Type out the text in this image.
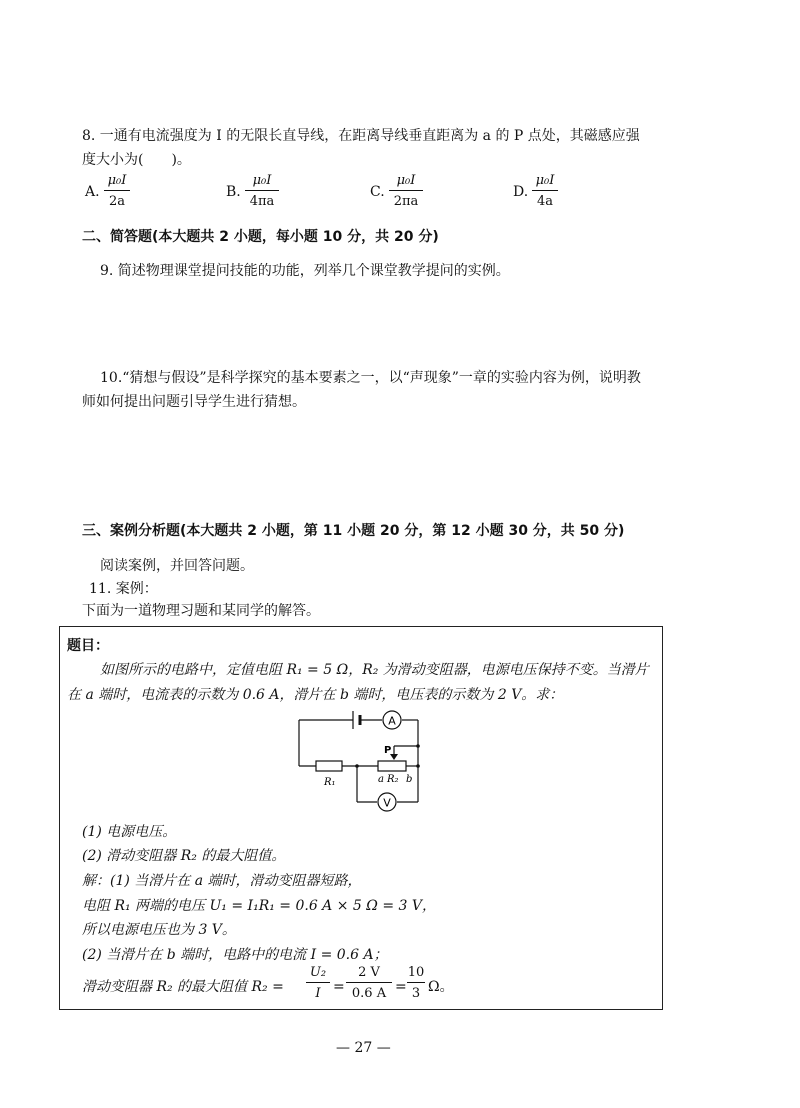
8. 一通有电流强度为 I 的无限长直导线，在距离导线垂直距离为 a 的 P 点处，其磁感应强
度大小为(　　)。
A.
μ₀I
2a
B.
μ₀I
4πa
C.
μ₀I
2πa
D.
μ₀I
4a
二、简答题(本大题共 2 小题，每小题 10 分，共 20 分)
9. 简述物理课堂提问技能的功能，列举几个课堂教学提问的实例。
10.“猜想与假设”是科学探究的基本要素之一，以“声现象”一章的实验内容为例，说明教
师如何提出问题引导学生进行猜想。
三、案例分析题(本大题共 2 小题，第 11 小题 20 分，第 12 小题 30 分，共 50 分)
阅读案例，并回答问题。
11. 案例：
下面为一道物理习题和某同学的解答。
题目：
如图所示的电路中，定值电阻 R₁ = 5 Ω，R₂ 为滑动变阻器，电源电压保持不变。当滑片
在 a 端时，电流表的示数为 0.6 A，滑片在 b 端时，电压表的示数为 2 V。求：
A
R₁
P
a R₂ b
V
(1) 电源电压。
(2) 滑动变阻器 R₂ 的最大阻值。
解：(1) 当滑片在 a 端时，滑动变阻器短路，
电阻 R₁ 两端的电压 U₁ = I₁R₁ = 0.6 A × 5 Ω = 3 V，
所以电源电压也为 3 V。
(2) 当滑片在 b 端时，电路中的电流 I = 0.6 A；
滑动变阻器 R₂ 的最大阻值 R₂ =
U₂
I =
2 V
0.6 A =
10
3 Ω。
— 27 —
